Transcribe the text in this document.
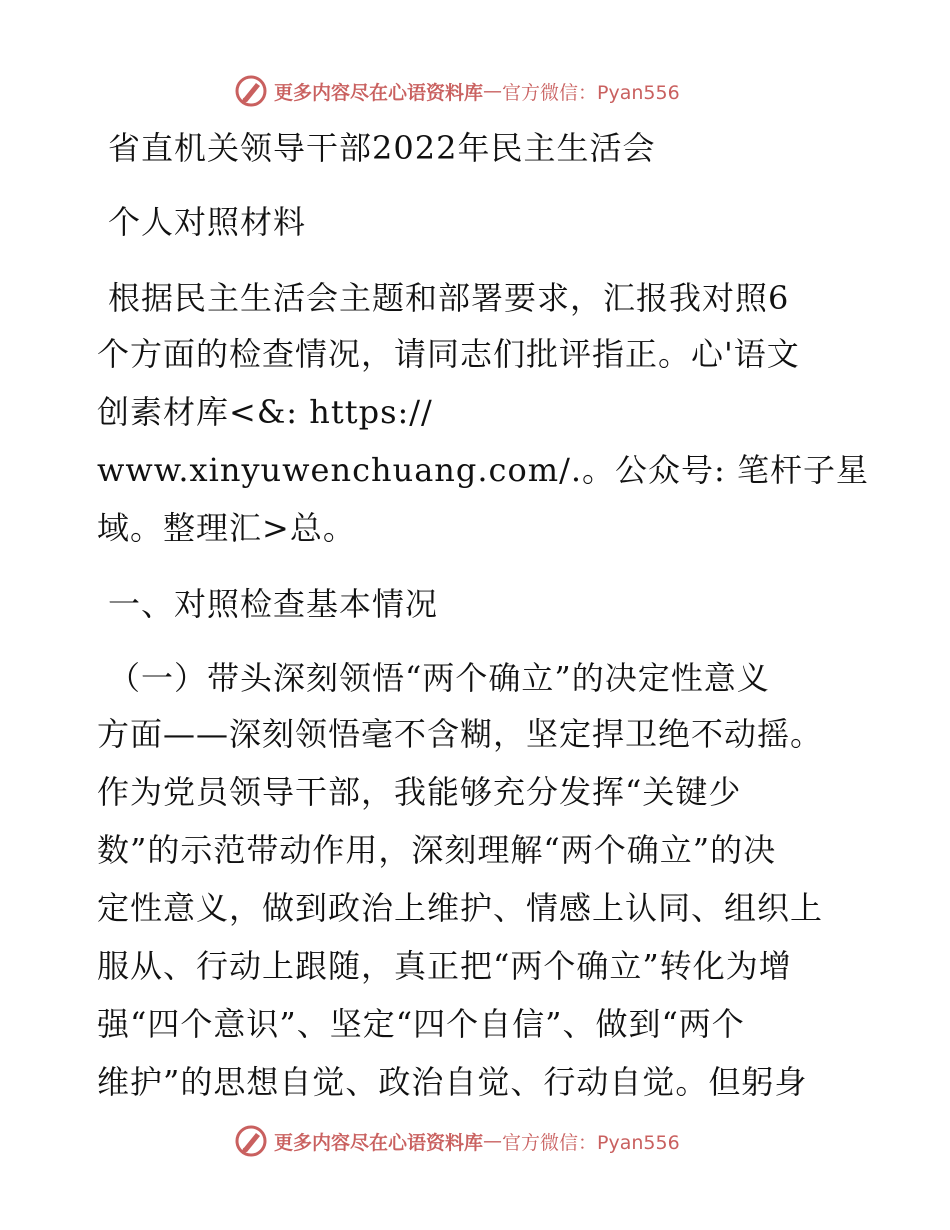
更多内容尽在心语资料库 — 官方微信：Pyan556
省直机关领导干部2022年民主生活会
个人对照材料
根据民主生活会主题和部署要求，汇报我对照6
个方面的检查情况，请同志们批评指正。心'语文
创素材库<&: https://
www.xinyuwenchuang.com/.。公众号: 笔杆子星
域。整理汇>总。
一、对照检查基本情况
（一）带头深刻领悟“两个确立”的决定性意义
方面——深刻领悟毫不含糊，坚定捍卫绝不动摇。
作为党员领导干部，我能够充分发挥“关键少
数”的示范带动作用，深刻理解“两个确立”的决
定性意义，做到政治上维护、情感上认同、组织上
服从、行动上跟随，真正把“两个确立”转化为增
强“四个意识”、坚定“四个自信”、做到“两个
维护”的思想自觉、政治自觉、行动自觉。但躬身
更多内容尽在心语资料库 — 官方微信：Pyan556
